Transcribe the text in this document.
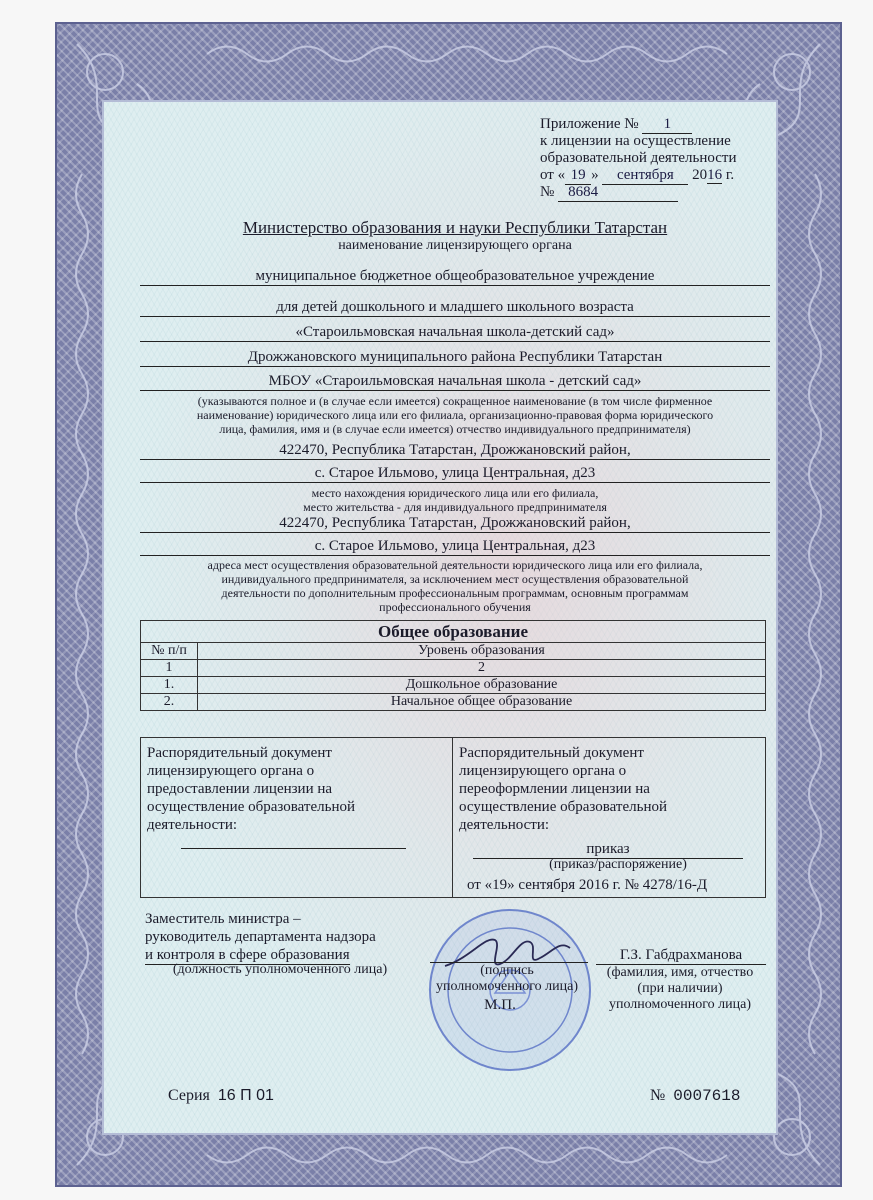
Приложение № 1
к лицензии на осуществление
образовательной деятельности
от « 19 » сентября 2016 г.
№ 8684
Министерство образования и науки Республики Татарстан
наименование лицензирующего органа
муниципальное бюджетное общеобразовательное учреждение
для детей дошкольного и младшего школьного возраста
«Староильмовская начальная школа-детский сад»
Дрожжановского муниципального района Республики Татарстан
МБОУ «Староильмовская начальная школа - детский сад»
(указываются полное и (в случае если имеется) сокращенное наименование (в том числе фирменное
наименование) юридического лица или его филиала, организационно-правовая форма юридического
лица, фамилия, имя и (в случае если имеется) отчество индивидуального предпринимателя)
422470, Республика Татарстан, Дрожжановский район,
с. Старое Ильмово, улица Центральная, д23
место нахождения юридического лица или его филиала,
место жительства - для индивидуального предпринимателя
422470, Республика Татарстан, Дрожжановский район,
с. Старое Ильмово, улица Центральная, д23
адреса мест осуществления образовательной деятельности юридического лица или его филиала,
индивидуального предпринимателя, за исключением мест осуществления образовательной
деятельности по дополнительным профессиональным программам, основным программам
профессионального обучения
Общее образование
№ п/п	Уровень образования
1	2
1.	Дошкольное образование
2.	Начальное общее образование
Распорядительный документ
лицензирующего органа о
предоставлении лицензии на
осуществление образовательной
деятельности:
Распорядительный документ
лицензирующего органа о
переоформлении лицензии на
осуществление образовательной
деятельности:
приказ
(приказ/распоряжение)
от «19» сентября 2016 г. № 4278/16-Д
Заместитель министра –
руководитель департамента надзора
и контроля в сфере образования
(должность уполномоченного лица)	(подпись
уполномоченного лица)
М.П.
Г.З. Габдрахманова
(фамилия, имя, отчество
(при наличии)
уполномоченного лица)
Серия 16 П 01	№ 0007618
